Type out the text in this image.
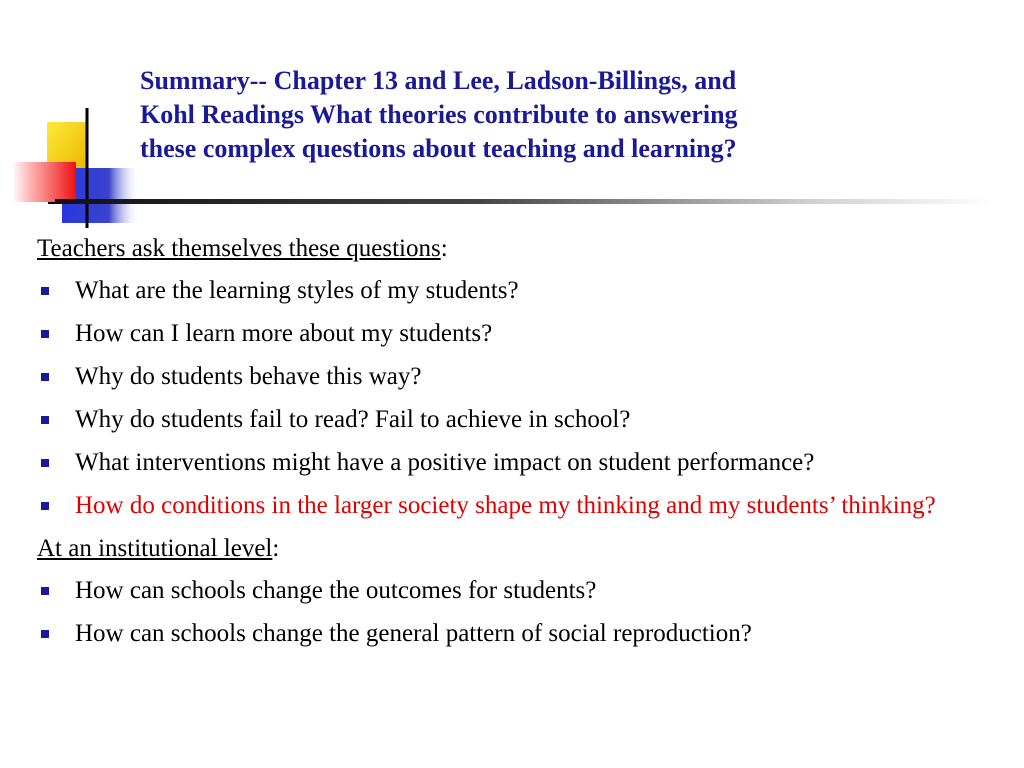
Summary-- Chapter 13 and Lee, Ladson-Billings, and
Kohl Readings What theories contribute to answering
these complex questions about teaching and learning?
Teachers ask themselves these questions:
What are the learning styles of my students?
How can I learn more about my students?
Why do students behave this way?
Why do students fail to read? Fail to achieve in school?
What interventions might have a positive impact on student performance?
How do conditions in the larger society shape my thinking and my students’ thinking?
At an institutional level:
How can schools change the outcomes for students?
How can schools change the general pattern of social reproduction?
